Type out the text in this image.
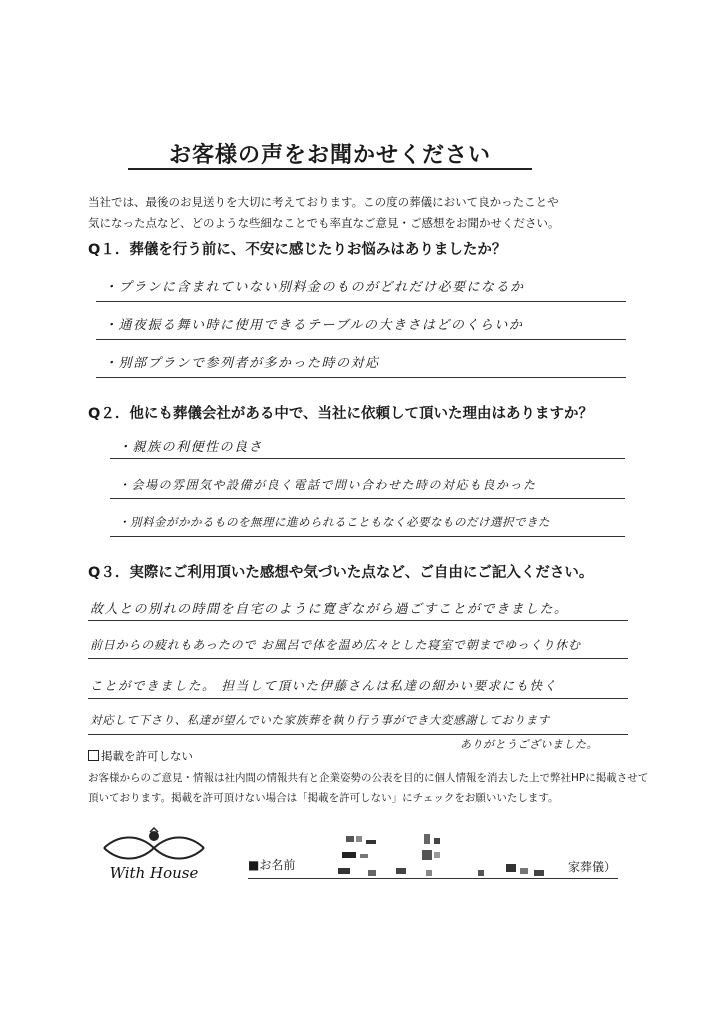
お客様の声をお聞かせください
当社では、最後のお見送りを大切に考えております。この度の葬儀において良かったことや
気になった点など、どのような些細なことでも率直なご意見・ご感想をお聞かせください。
Q１．葬儀を行う前に、不安に感じたりお悩みはありましたか？
・プランに含まれていない別料金のものがどれだけ必要になるか
・通夜振る舞い時に使用できるテーブルの大きさはどのくらいか
・別部プランで参列者が多かった時の対応
Q２．他にも葬儀会社がある中で、当社に依頼して頂いた理由はありますか？
・親族の利便性の良さ
・会場の雰囲気や設備が良く電話で問い合わせた時の対応も良かった
・別料金がかかるものを無理に進められることもなく必要なものだけ選択できた
Q３．実際にご利用頂いた感想や気づいた点など、ご自由にご記入ください。
故人との別れの時間を自宅のように寛ぎながら過ごすことができました。
前日からの疲れもあったので お風呂で体を温め広々とした寝室で朝までゆっくり休む
ことができました。 担当して頂いた伊藤さんは私達の細かい要求にも快く
対応して下さり、私達が望んでいた家族葬を執り行う事ができ大変感謝しております
ありがとうございました。
掲載を許可しない
お客様からのご意見・情報は社内間の情報共有と企業姿勢の公表を目的に個人情報を消去した上で弊社HPに掲載させて
頂いております。掲載を許可頂けない場合は「掲載を許可しない」にチェックをお願いいたします。
With House	■お名前	家葬儀）
